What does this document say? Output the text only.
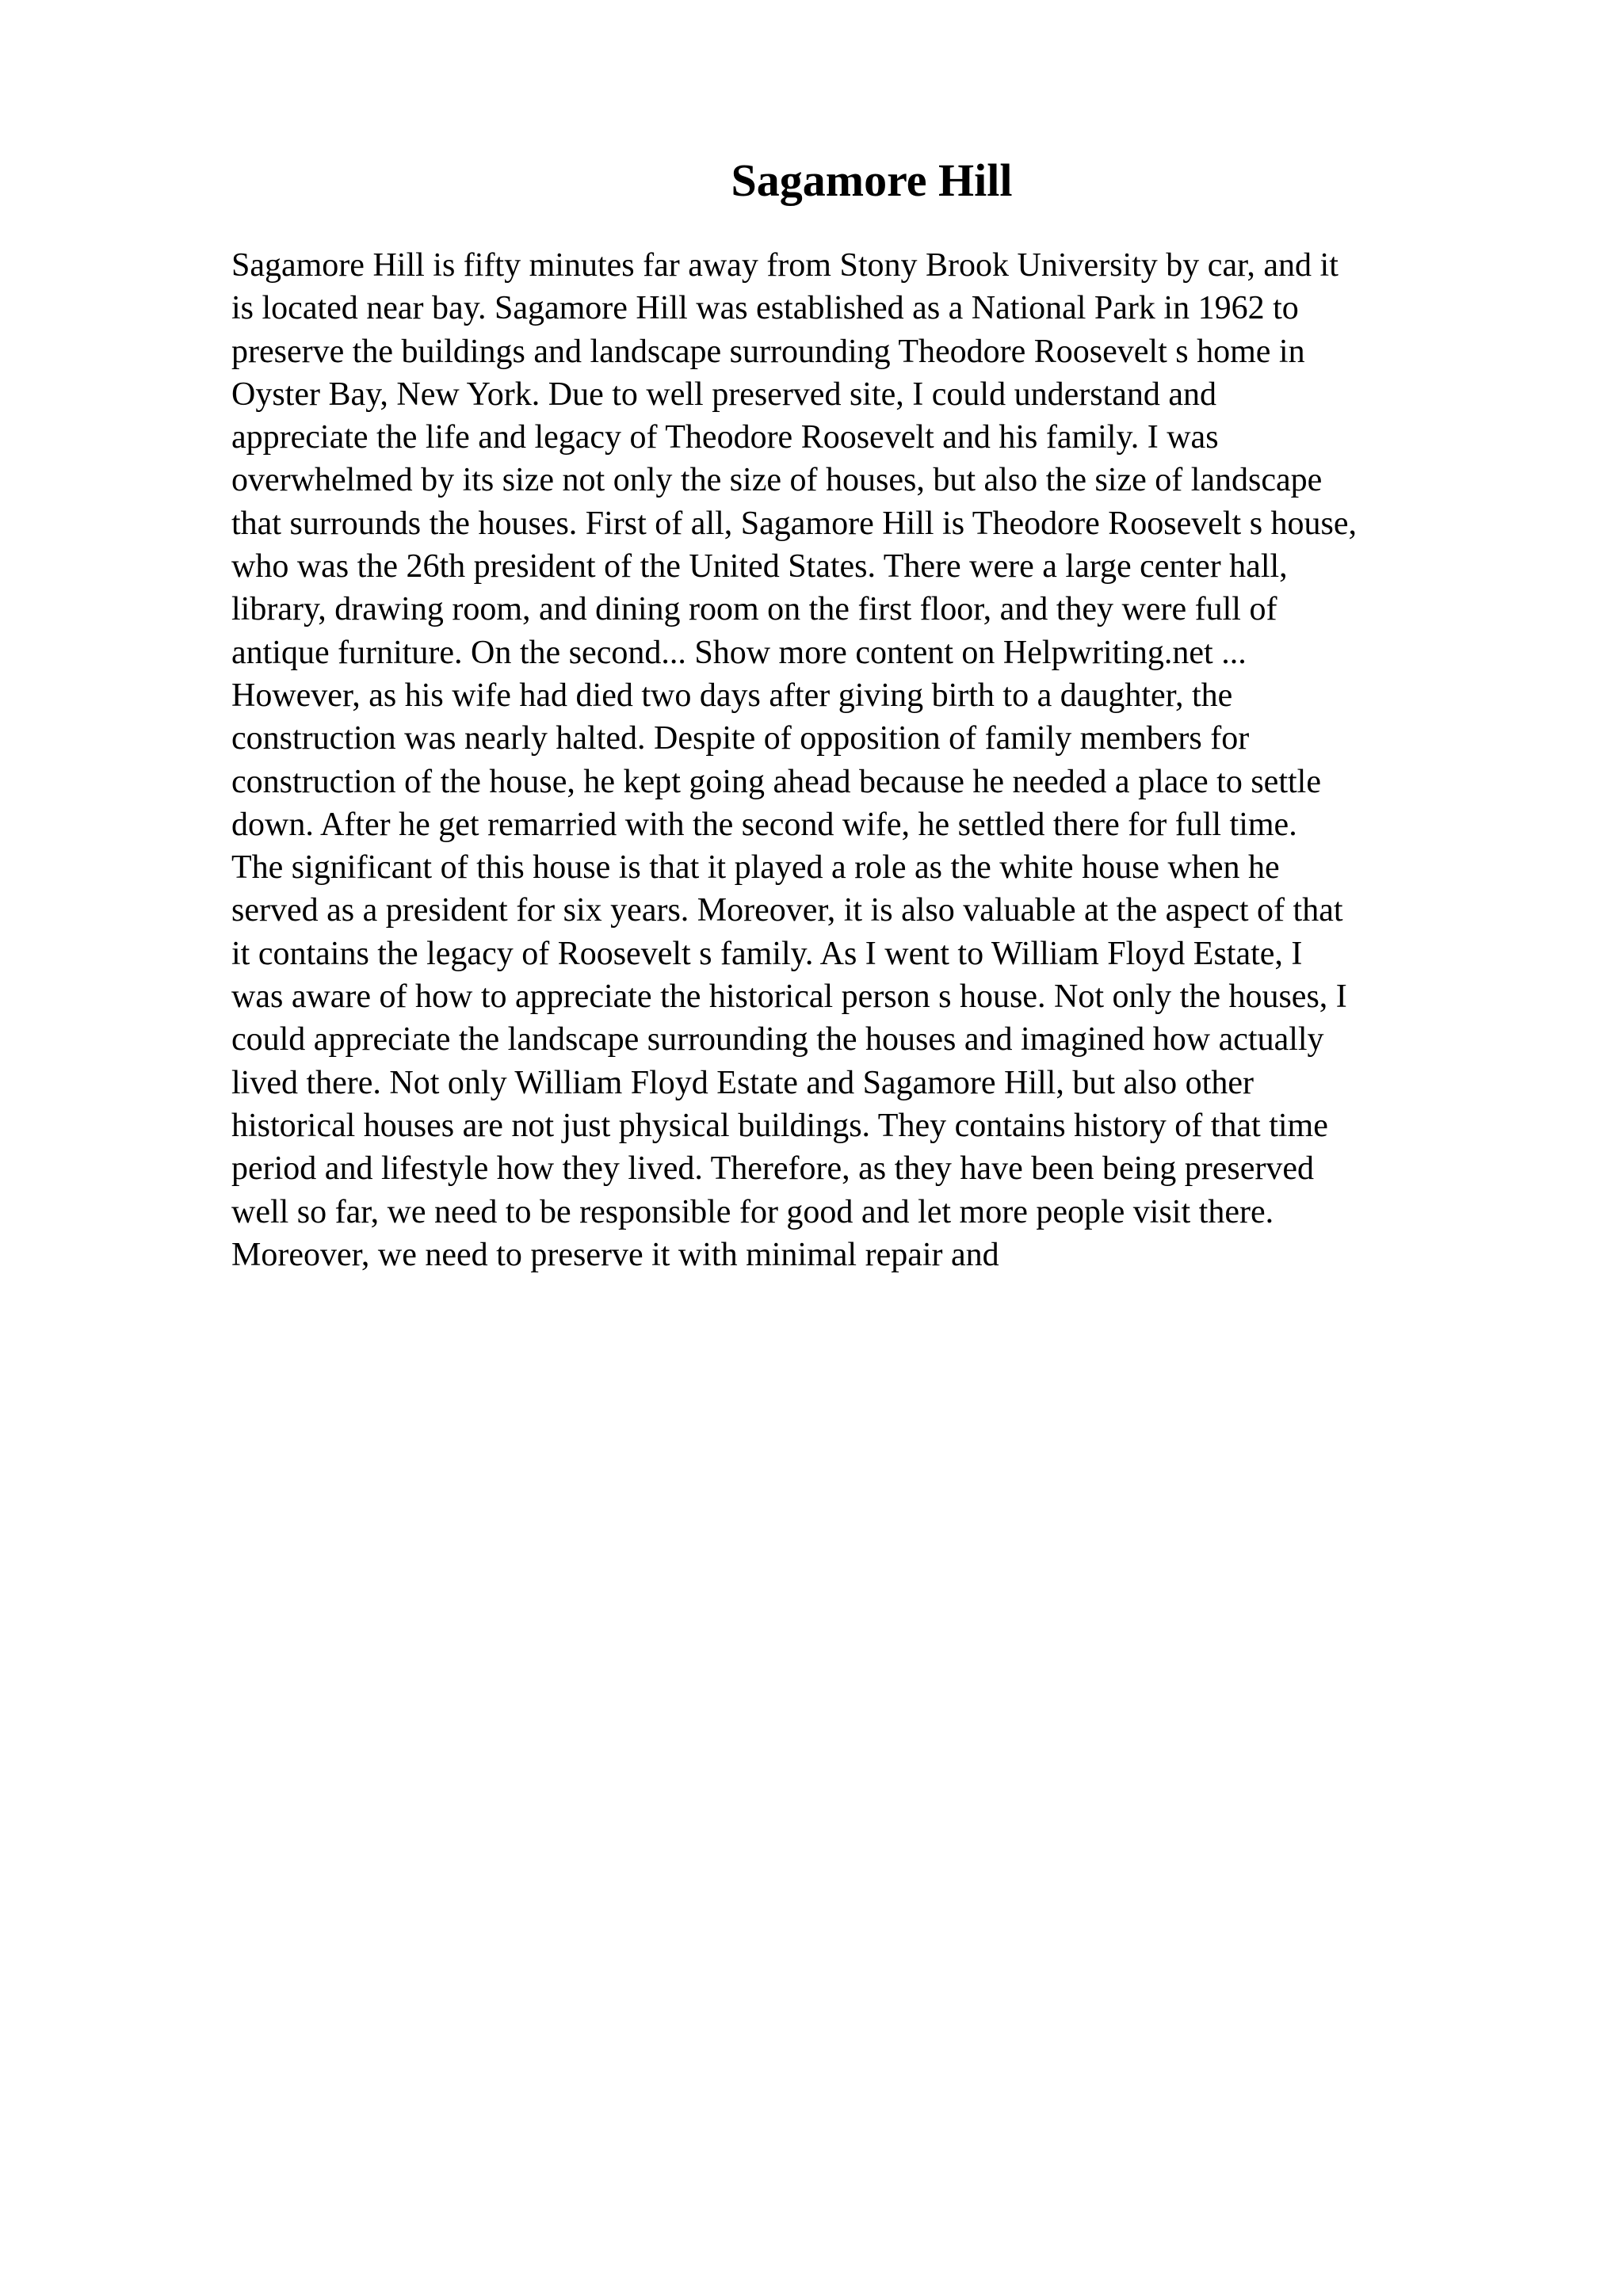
Sagamore Hill
Sagamore Hill is fifty minutes far away from Stony Brook University by car, and it
is located near bay. Sagamore Hill was established as a National Park in 1962 to
preserve the buildings and landscape surrounding Theodore Roosevelt s home in
Oyster Bay, New York. Due to well preserved site, I could understand and
appreciate the life and legacy of Theodore Roosevelt and his family. I was
overwhelmed by its size not only the size of houses, but also the size of landscape
that surrounds the houses. First of all, Sagamore Hill is Theodore Roosevelt s house,
who was the 26th president of the United States. There were a large center hall,
library, drawing room, and dining room on the first floor, and they were full of
antique furniture. On the second... Show more content on Helpwriting.net ...
However, as his wife had died two days after giving birth to a daughter, the
construction was nearly halted. Despite of opposition of family members for
construction of the house, he kept going ahead because he needed a place to settle
down. After he get remarried with the second wife, he settled there for full time.
The significant of this house is that it played a role as the white house when he
served as a president for six years. Moreover, it is also valuable at the aspect of that
it contains the legacy of Roosevelt s family. As I went to William Floyd Estate, I
was aware of how to appreciate the historical person s house. Not only the houses, I
could appreciate the landscape surrounding the houses and imagined how actually
lived there. Not only William Floyd Estate and Sagamore Hill, but also other
historical houses are not just physical buildings. They contains history of that time
period and lifestyle how they lived. Therefore, as they have been being preserved
well so far, we need to be responsible for good and let more people visit there.
Moreover, we need to preserve it with minimal repair and
